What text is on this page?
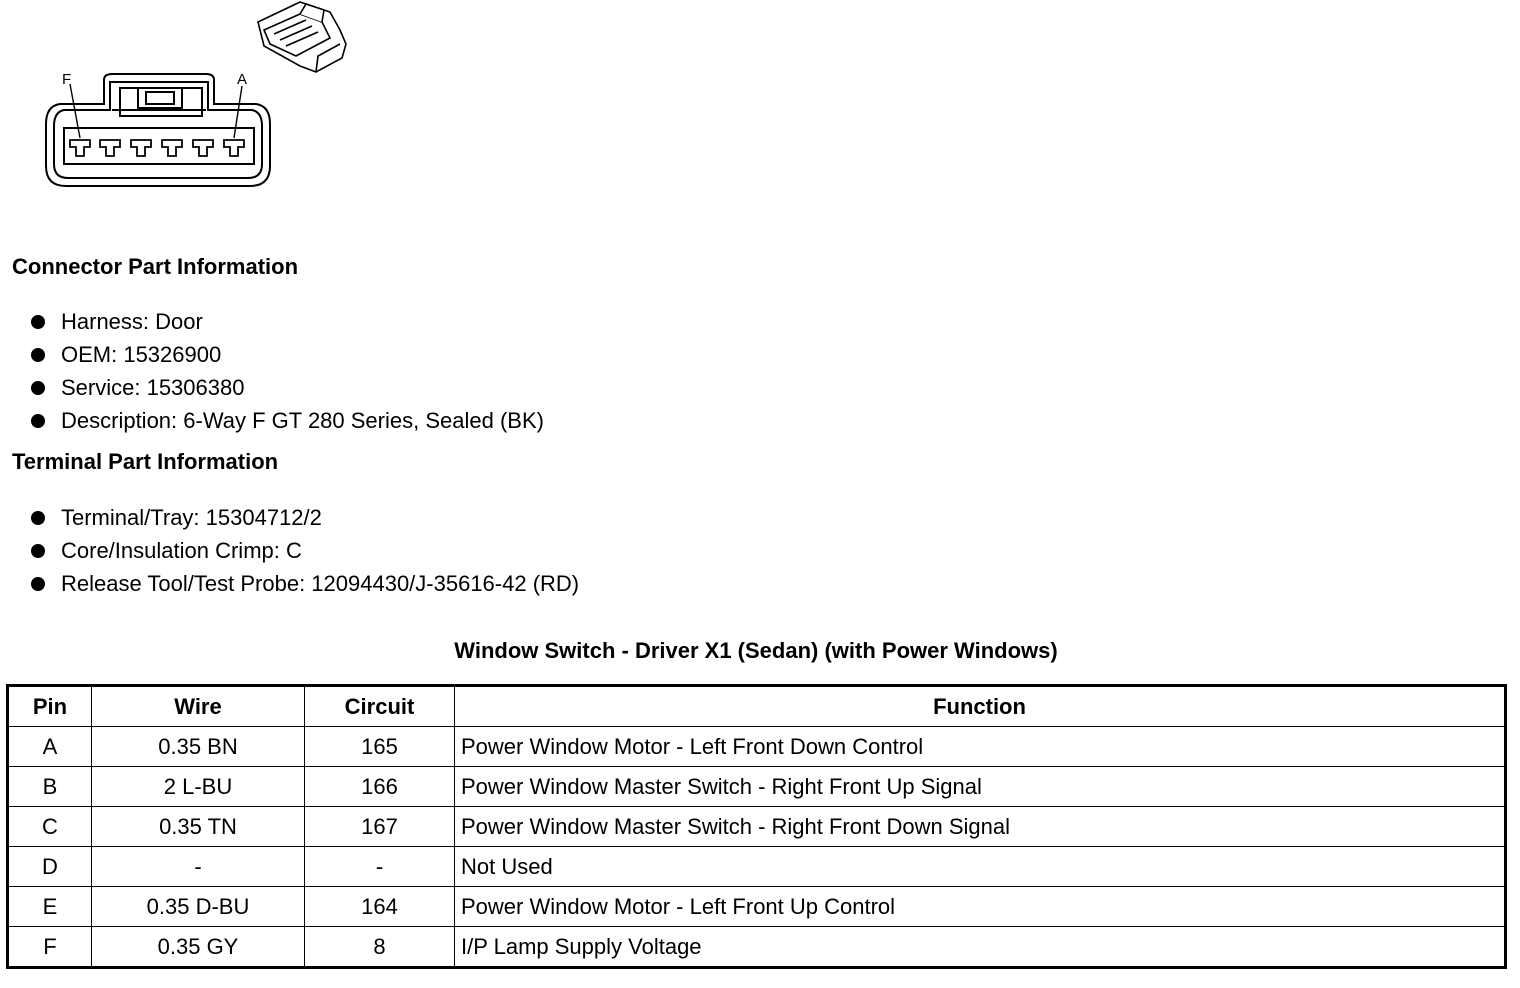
F	A
Connector Part Information
Harness: Door
OEM: 15326900
Service: 15306380
Description: 6-Way F GT 280 Series, Sealed (BK)
Terminal Part Information
Terminal/Tray: 15304712/2
Core/Insulation Crimp: C
Release Tool/Test Probe: 12094430/J-35616-42 (RD)
Window Switch - Driver X1 (Sedan) (with Power Windows)
Pin	Wire	Circuit	Function
A	0.35 BN	165	Power Window Motor - Left Front Down Control
B	2 L-BU	166	Power Window Master Switch - Right Front Up Signal
C	0.35 TN	167	Power Window Master Switch - Right Front Down Signal
D	-	-	Not Used
E	0.35 D-BU	164	Power Window Motor - Left Front Up Control
F	0.35 GY	8	I/P Lamp Supply Voltage
